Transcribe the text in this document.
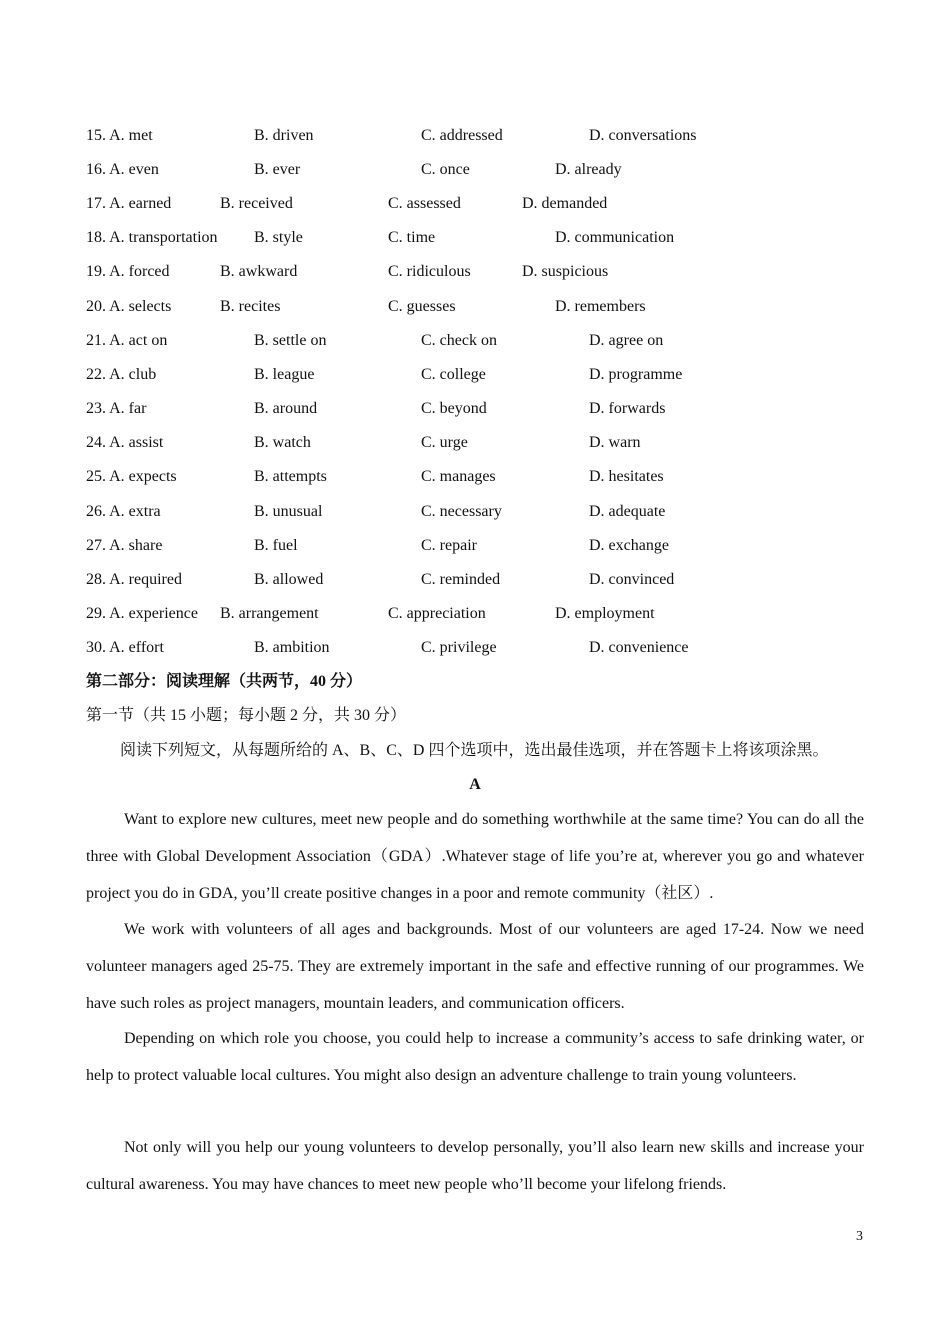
15. A. met	B. driven	C. addressed	D. conversations
16. A. even	B. ever	C. once	D. already
17. A. earned	B. received	C. assessed	D. demanded
18. A. transportation B. style	C. time	D. communication
19. A. forced	B. awkward	C. ridiculous	D. suspicious
20. A. selects	B. recites	C. guesses	D. remembers
21. A. act on	B. settle on	C. check on	D. agree on
22. A. club	B. league	C. college	D. programme
23. A. far	B. around	C. beyond	D. forwards
24. A. assist	B. watch	C. urge	D. warn
25. A. expects	B. attempts	C. manages	D. hesitates
26. A. extra	B. unusual	C. necessary	D. adequate
27. A. share	B. fuel	C. repair	D. exchange
28. A. required	B. allowed	C. reminded	D. convinced
29. A. experience B. arrangement	C. appreciation	D. employment
30. A. effort	B. ambition	C. privilege	D. convenience
第二部分：阅读理解（共两节，40 分）
第一节（共 15 小题；每小题 2 分，共 30 分）
阅读下列短文，从每题所给的 A、B、C、D 四个选项中，选出最佳选项，并在答题卡上将该项涂黑。
A
Want to explore new cultures, meet new people and do something worthwhile at the same time? You can do all the three with Global Development Association（GDA）.Whatever stage of life you’re at, wherever you go and whatever project you do in GDA, you’ll create positive changes in a poor and remote community（社区）.
We work with volunteers of all ages and backgrounds. Most of our volunteers are aged 17-24. Now we need volunteer managers aged 25-75. They are extremely important in the safe and effective running of our programmes. We have such roles as project managers, mountain leaders, and communication officers.
Depending on which role you choose, you could help to increase a community’s access to safe drinking water, or help to protect valuable local cultures. You might also design an adventure challenge to train young volunteers.
Not only will you help our young volunteers to develop personally, you’ll also learn new skills and increase your cultural awareness. You may have chances to meet new people who’ll become your lifelong friends.
3
